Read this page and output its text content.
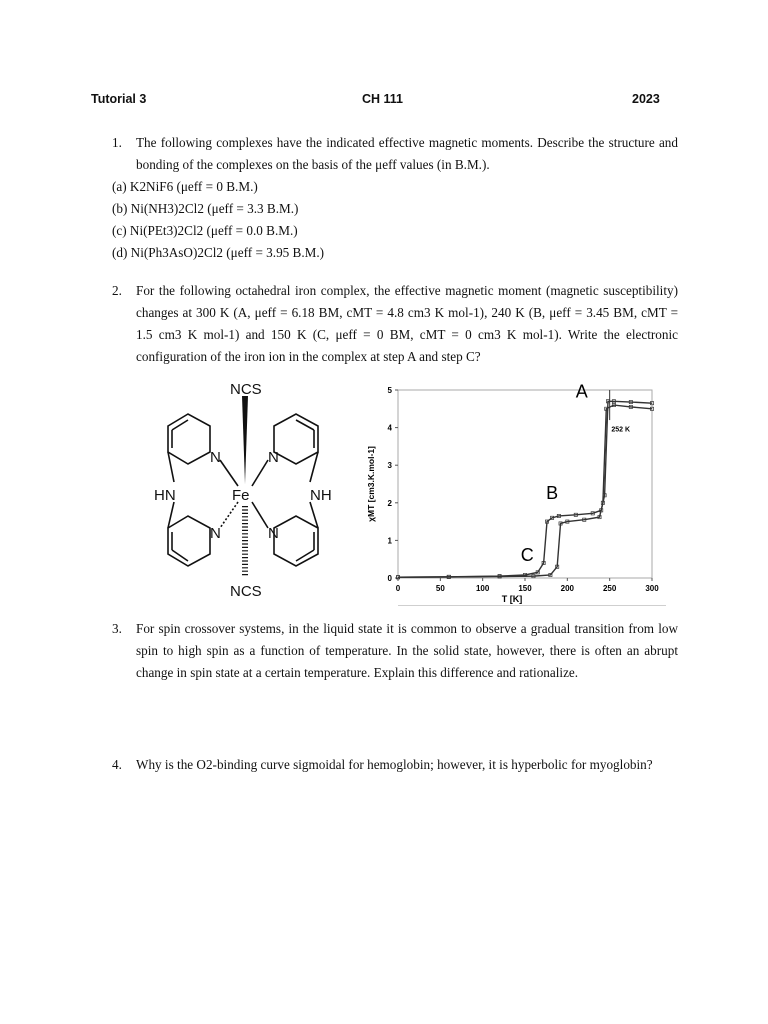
Tutorial 3	CH 111	2023
1. The following complexes have the indicated effective magnetic moments. Describe the structure and bonding of the complexes on the basis of the μeff values (in B.M.).
(a) K2NiF6 (μeff = 0 B.M.)
(b) Ni(NH3)2Cl2 (μeff = 3.3 B.M.)
(c) Ni(PEt3)2Cl2 (μeff = 0.0 B.M.)
(d) Ni(Ph3AsO)2Cl2 (μeff = 3.95 B.M.)
2. For the following octahedral iron complex, the effective magnetic moment (magnetic susceptibility) changes at 300 K (A, μeff = 6.18 BM, cMT = 4.8 cm3 K mol-1), 240 K (B, μeff = 3.45 BM, cMT = 1.5 cm3 K mol-1) and 150 K (C, μeff = 0 BM, cMT = 0 cm3 K mol-1). Write the electronic configuration of the iron ion in the complex at step A and step C?
NCS
NCS
Fe
HN	NH
N	N
N	N
0	50	100	150	200	250	300
0
1
2
3
4
5	A
B
C
252 K
T [K]
χMT [cm3.K.mol-1]
3. For spin crossover systems, in the liquid state it is common to observe a gradual transition from low spin to high spin as a function of temperature. In the solid state, however, there is often an abrupt change in spin state at a certain temperature. Explain this difference and rationalize.
4. Why is the O2-binding curve sigmoidal for hemoglobin; however, it is hyperbolic for myoglobin?
